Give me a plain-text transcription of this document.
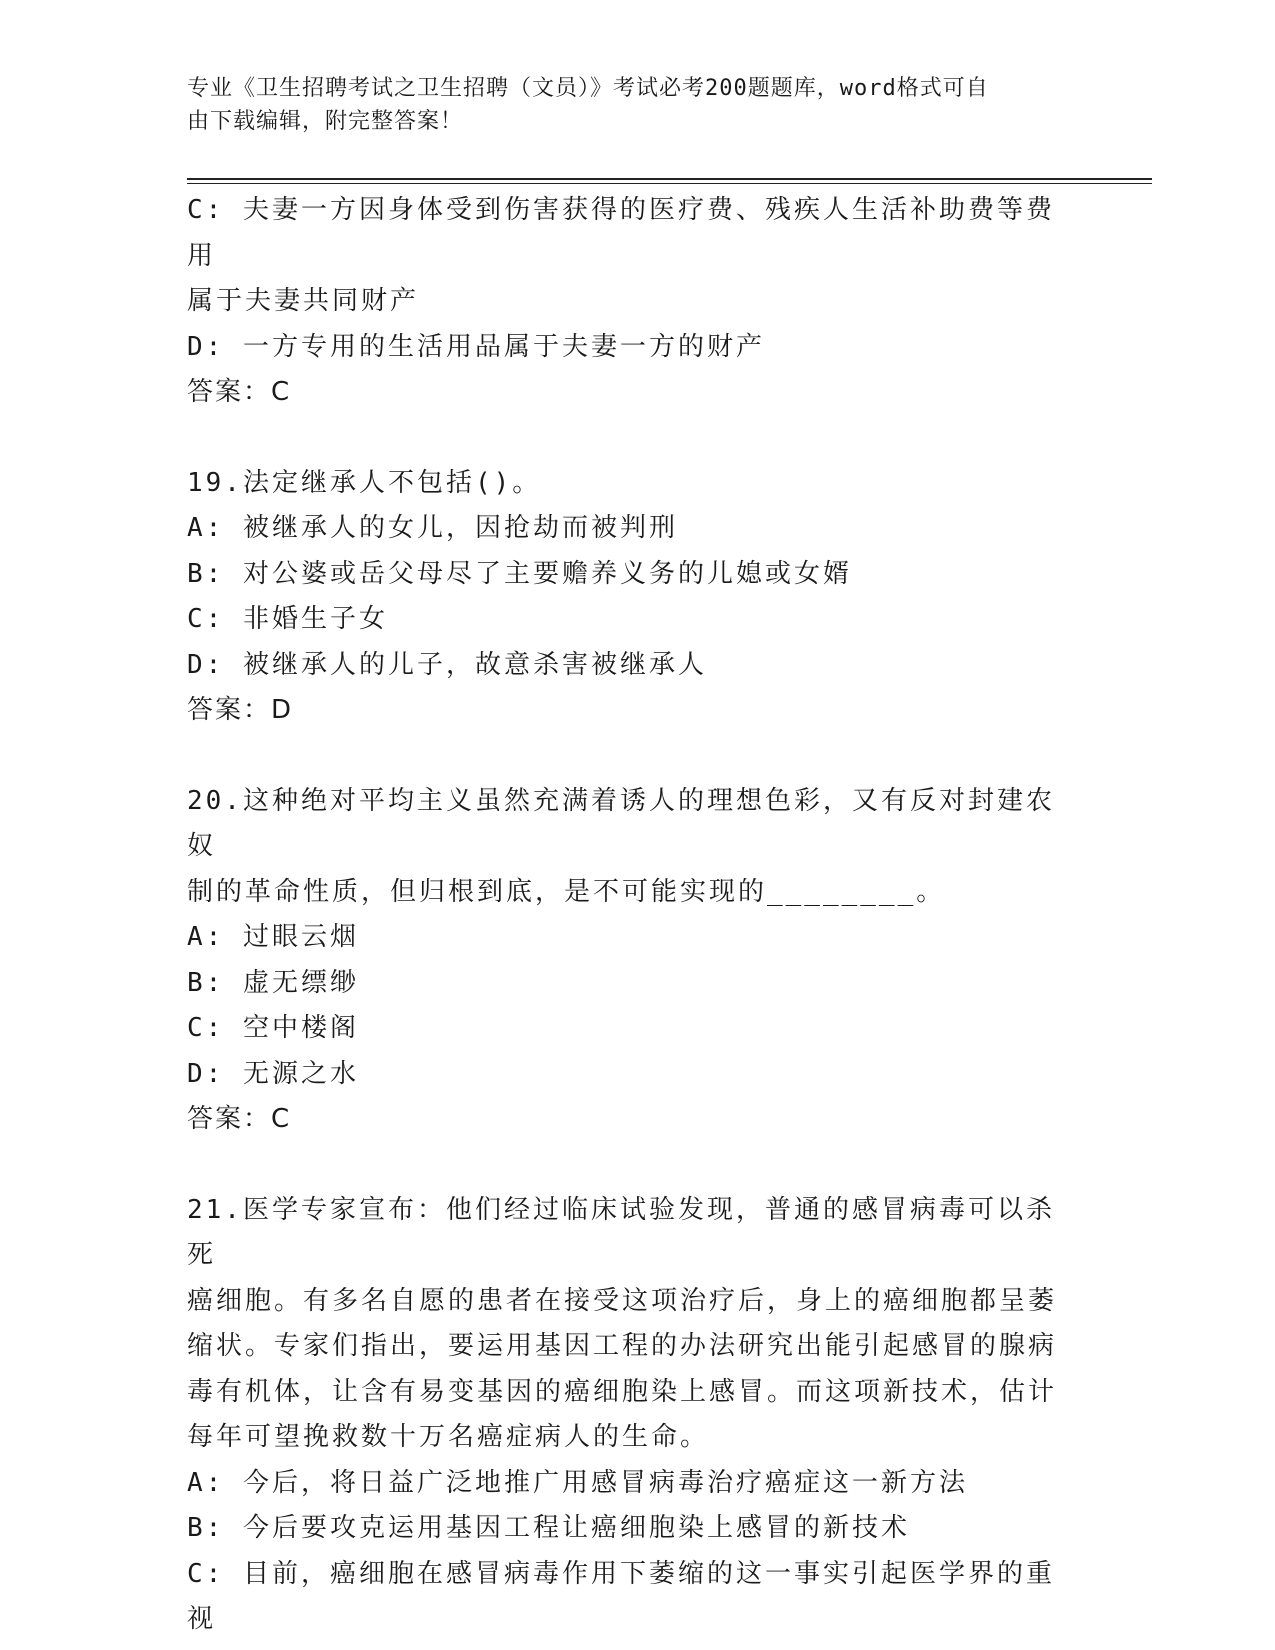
专业《卫生招聘考试之卫生招聘（文员）》考试必考200题题库，word格式可自
由下载编辑，附完整答案！
C: 夫妻一方因身体受到伤害获得的医疗费、残疾人生活补助费等费用
属于夫妻共同财产
D: 一方专用的生活用品属于夫妻一方的财产
答案：C
19.法定继承人不包括()。
A: 被继承人的女儿，因抢劫而被判刑
B: 对公婆或岳父母尽了主要赡养义务的儿媳或女婿
C: 非婚生子女
D: 被继承人的儿子，故意杀害被继承人
答案：D
20.这种绝对平均主义虽然充满着诱人的理想色彩，又有反对封建农奴
制的革命性质，但归根到底，是不可能实现的________。
A: 过眼云烟
B: 虚无缥缈
C: 空中楼阁
D: 无源之水
答案：C
21.医学专家宣布：他们经过临床试验发现，普通的感冒病毒可以杀死
癌细胞。有多名自愿的患者在接受这项治疗后，身上的癌细胞都呈萎
缩状。专家们指出，要运用基因工程的办法研究出能引起感冒的腺病
毒有机体，让含有易变基因的癌细胞染上感冒。而这项新技术，估计
每年可望挽救数十万名癌症病人的生命。
A: 今后，将日益广泛地推广用感冒病毒治疗癌症这一新方法
B: 今后要攻克运用基因工程让癌细胞染上感冒的新技术
C: 目前，癌细胞在感冒病毒作用下萎缩的这一事实引起医学界的重视
